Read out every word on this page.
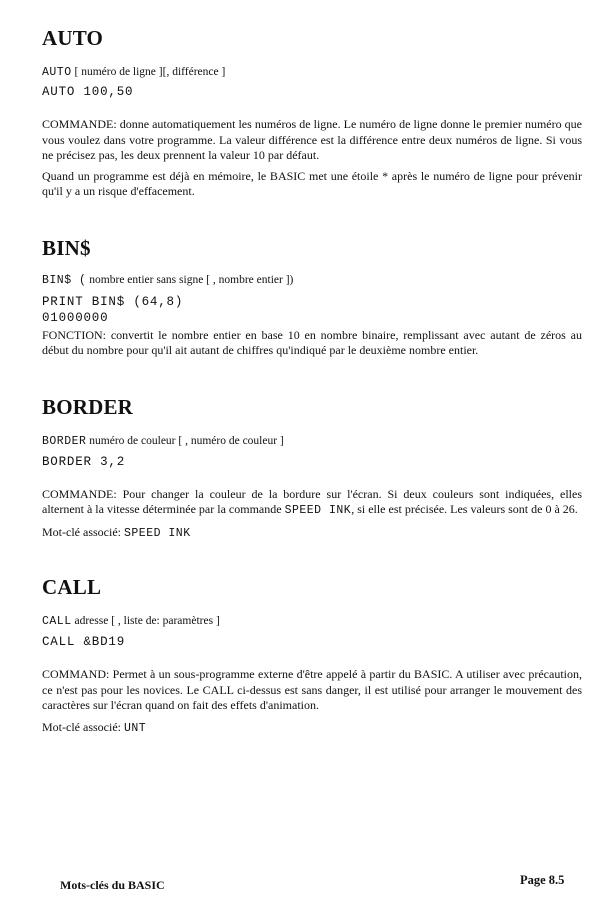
AUTO

AUTO [ numéro de ligne ][, différence ]

AUTO 100,50

COMMANDE: donne automatiquement les numéros de ligne. Le numéro de ligne donne le premier numéro que vous voulez dans votre programme. La valeur différence est la différence entre deux numéros de ligne. Si vous ne précisez pas, les deux prennent la valeur 10 par défaut.

Quand un programme est déjà en mémoire, le BASIC met une étoile * après le numéro de ligne pour prévenir qu'il y a un risque d'effacement.

BIN$

BIN$ ( nombre entier sans signe [ , nombre entier ])

PRINT BIN$ (64,8)

01000000

FONCTION: convertit le nombre entier en base 10 en nombre binaire, remplissant avec autant de zéros au début du nombre pour qu'il ait autant de chiffres qu'indiqué par le deuxième nombre entier.

BORDER

BORDER numéro de couleur [ , numéro de couleur ]

BORDER 3,2

COMMANDE: Pour changer la couleur de la bordure sur l'écran. Si deux couleurs sont indiquées, elles alternent à la vitesse déterminée par la commande SPEED INK, si elle est précisée. Les valeurs sont de 0 à 26.

Mot-clé associé: SPEED INK

CALL

CALL adresse [ , liste de: paramètres ]

CALL &BD19

COMMAND: Permet à un sous-programme externe d'être appelé à partir du BASIC. A utiliser avec précaution, ce n'est pas pour les novices. Le CALL ci-dessus est sans danger, il est utilisé pour arranger le mouvement des caractères sur l'écran quand on fait des effets d'animation.

Mot-clé associé: UNT

Mots-clés du BASIC	Page 8.5
